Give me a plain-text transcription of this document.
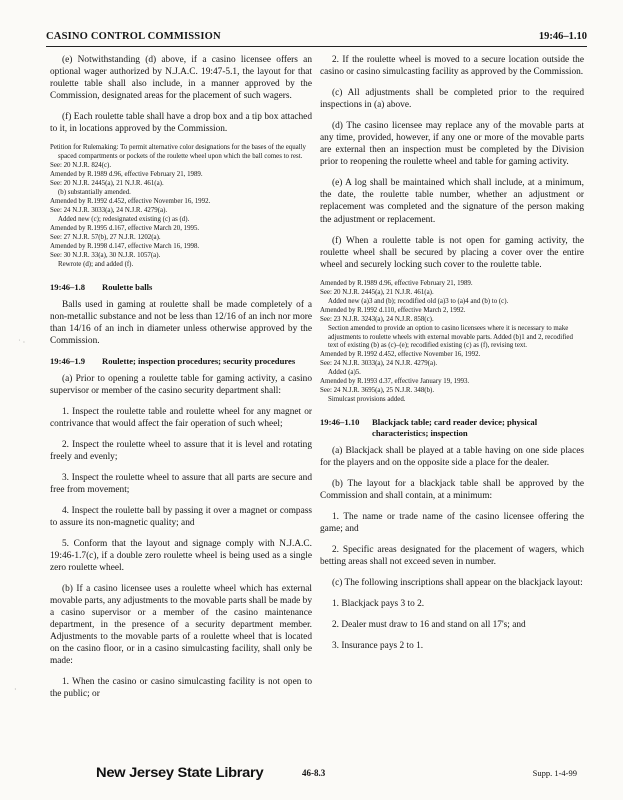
CASINO CONTROL COMMISSION	19:46–1.10

(e) Notwithstanding (d) above, if a casino licensee offers an optional wager authorized by N.J.A.C. 19:47-5.1, the layout for that roulette table shall also include, in a manner approved by the Commission, designated areas for the placement of such wagers.

(f) Each roulette table shall have a drop box and a tip box attached to it, in locations approved by the Commission.

Petition for Rulemaking: To permit alternative color designations for the bases of the equally spaced compartments or pockets of the roulette wheel upon which the ball comes to rest.
See: 20 N.J.R. 824(c).
Amended by R.1989 d.96, effective February 21, 1989.
See: 20 N.J.R. 2445(a), 21 N.J.R. 461(a).
(b) substantially amended.
Amended by R.1992 d.452, effective November 16, 1992.
See: 24 N.J.R. 3033(a), 24 N.J.R. 4279(a).
Added new (c); redesignated existing (c) as (d).
Amended by R.1995 d.167, effective March 20, 1995.
See: 27 N.J.R. 57(b), 27 N.J.R. 1202(a).
Amended by R.1998 d.147, effective March 16, 1998.
See: 30 N.J.R. 33(a), 30 N.J.R. 1057(a).
Rewrote (d); and added (f).
19:46–1.8	Roulette balls

Balls used in gaming at roulette shall be made completely of a non-metallic substance and not be less than 12/16 of an inch nor more than 14/16 of an inch in diameter unless otherwise approved by the Commission.

19:46–1.9	Roulette; inspection procedures; security procedures

(a) Prior to opening a roulette table for gaming activity, a casino supervisor or member of the casino security department shall:

1. Inspect the roulette table and roulette wheel for any magnet or contrivance that would affect the fair operation of such wheel;

2. Inspect the roulette wheel to assure that it is level and rotating freely and evenly;

3. Inspect the roulette wheel to assure that all parts are secure and free from movement;

4. Inspect the roulette ball by passing it over a magnet or compass to assure its non-magnetic quality; and

5. Conform that the layout and signage comply with N.J.A.C. 19:46-1.7(c), if a double zero roulette wheel is being used as a single zero roulette wheel.

(b) If a casino licensee uses a roulette wheel which has external movable parts, any adjustments to the movable parts shall be made by a casino supervisor or a member of the casino maintenance department, in the presence of a security department member. Adjustments to the movable parts of a roulette wheel that is located on the casino floor, or in a casino simulcasting facility, shall only be made:

1. When the casino or casino simulcasting facility is not open to the public; or

2. If the roulette wheel is moved to a secure location outside the casino or casino simulcasting facility as approved by the Commission.

(c) All adjustments shall be completed prior to the required inspections in (a) above.

(d) The casino licensee may replace any of the movable parts at any time, provided, however, if any one or more of the movable parts are external then an inspection must be completed by the Division prior to reopening the roulette wheel and table for gaming activity.

(e) A log shall be maintained which shall include, at a minimum, the date, the roulette table number, whether an adjustment or replacement was completed and the signature of the person making the adjustment or replacement.

(f) When a roulette table is not open for gaming activity, the roulette wheel shall be secured by placing a cover over the entire wheel and securely locking such cover to the roulette table.

Amended by R.1989 d.96, effective February 21, 1989.
See: 20 N.J.R. 2445(a), 21 N.J.R. 461(a).
Added new (a)3 and (b); recodified old (a)3 to (a)4 and (b) to (c).
Amended by R.1992 d.110, effective March 2, 1992.
See: 23 N.J.R. 3243(a), 24 N.J.R. 858(c).
Section amended to provide an option to casino licensees where it is necessary to make adjustments to roulette wheels with external movable parts. Added (b)1 and 2, recodified text of existing (b) as (c)–(e); recodified existing (c) as (f), revising text.
Amended by R.1992 d.452, effective November 16, 1992.
See: 24 N.J.R. 3033(a), 24 N.J.R. 4279(a).
Added (a)5.
Amended by R.1993 d.37, effective January 19, 1993.
See: 24 N.J.R. 3695(a), 25 N.J.R. 348(b).
Simulcast provisions added.
19:46–1.10	Blackjack table; card reader device; physical characteristics; inspection

(a) Blackjack shall be played at a table having on one side places for the players and on the opposite side a place for the dealer.

(b) The layout for a blackjack table shall be approved by the Commission and shall contain, at a minimum:

1. The name or trade name of the casino licensee offering the game; and

2. Specific areas designated for the placement of wagers, which betting areas shall not exceed seven in number.

(c) The following inscriptions shall appear on the blackjack layout:

1. Blackjack pays 3 to 2.

2. Dealer must draw to 16 and stand on all 17's; and

3. Insurance pays 2 to 1.

˙ ·
·
New Jersey State Library	46-8.3	Supp. 1-4-99
